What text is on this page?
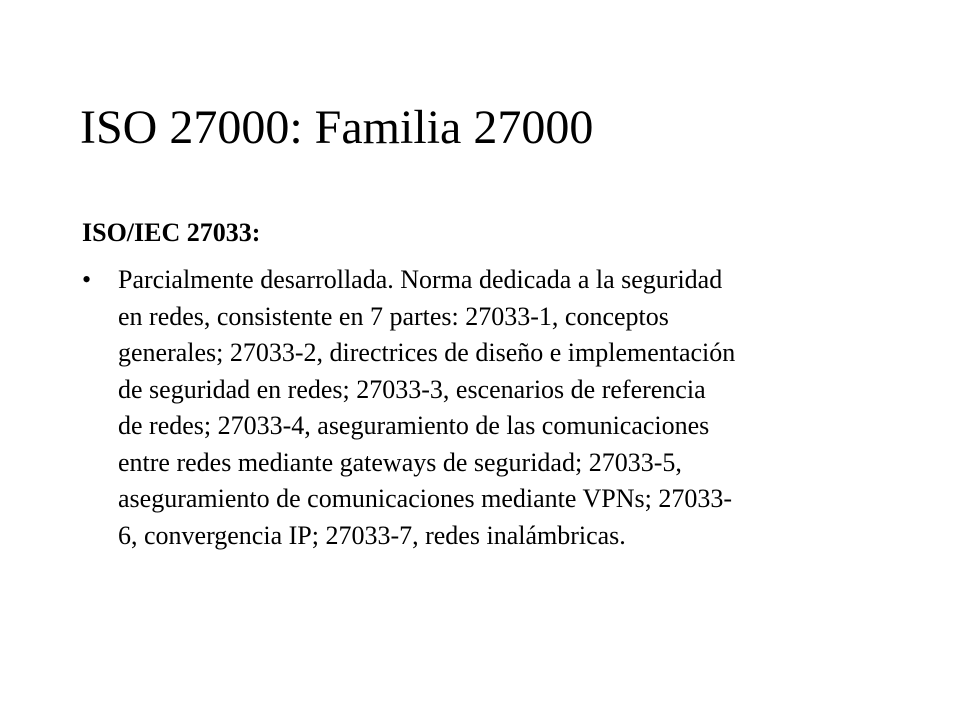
ISO 27000: Familia 27000
ISO/IEC 27033:
•	Parcialmente desarrollada. Norma dedicada a la seguridad
en redes, consistente en 7 partes: 27033-1, conceptos
generales; 27033-2, directrices de diseño e implementación
de seguridad en redes; 27033-3, escenarios de referencia
de redes; 27033-4, aseguramiento de las comunicaciones
entre redes mediante gateways de seguridad; 27033-5,
aseguramiento de comunicaciones mediante VPNs; 27033-
6, convergencia IP; 27033-7, redes inalámbricas.
